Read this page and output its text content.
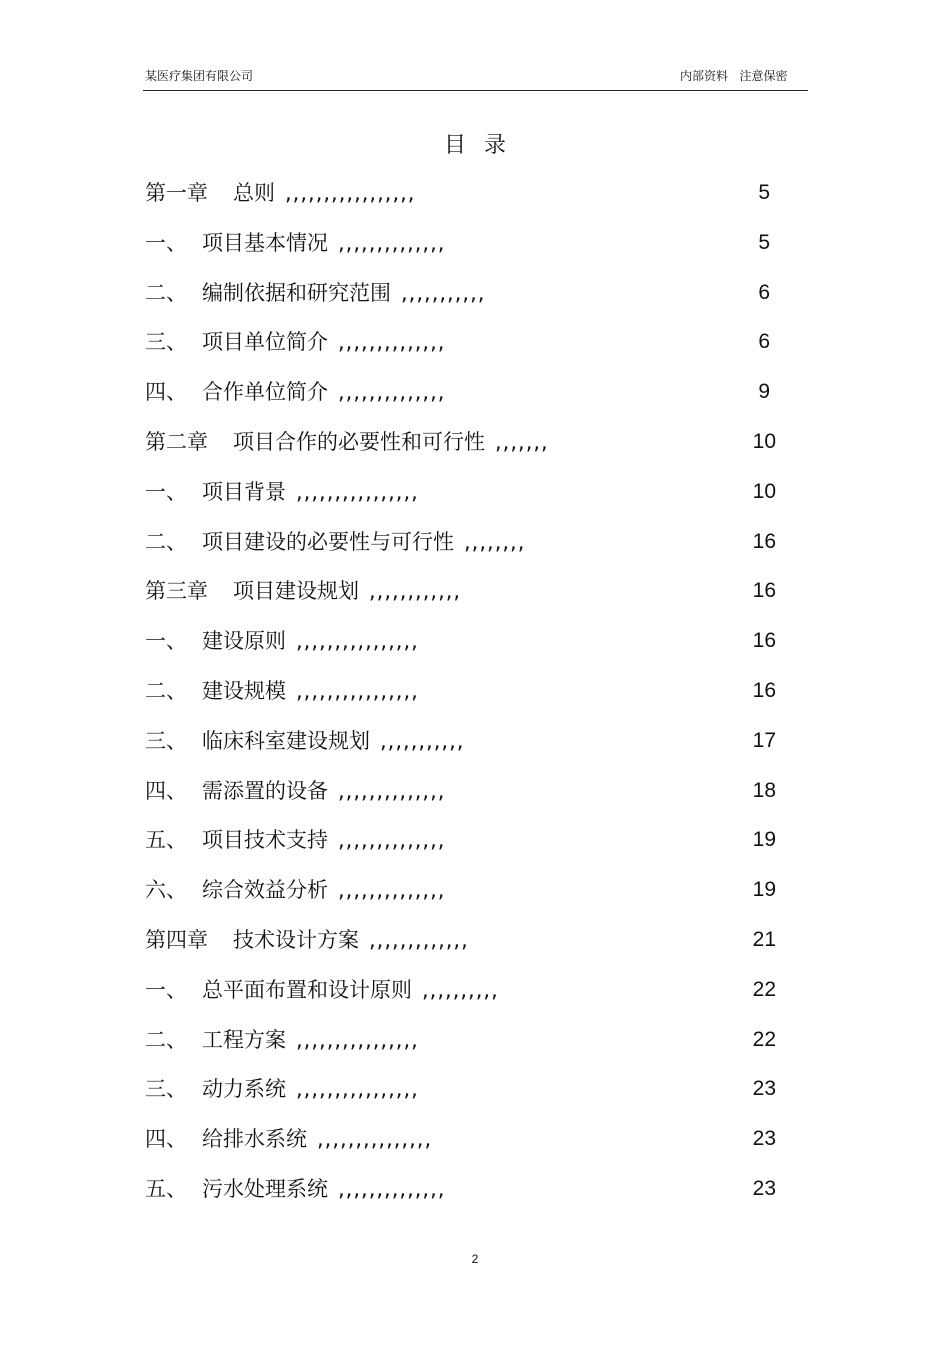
某医疗集团有限公司	内部资料   注意保密
目录
第一章 总则 ,,,,,,,,,,,,,,,,,	5
一、 项目基本情况 ,,,,,,,,,,,,,,	5
二、 编制依据和研究范围 ,,,,,,,,,,,	6
三、 项目单位简介 ,,,,,,,,,,,,,,	6
四、 合作单位简介 ,,,,,,,,,,,,,,	9
第二章 项目合作的必要性和可行性 ,,,,,,,	10
一、 项目背景 ,,,,,,,,,,,,,,,,	10
二、 项目建设的必要性与可行性 ,,,,,,,,	16
第三章 项目建设规划 ,,,,,,,,,,,,	16
一、 建设原则 ,,,,,,,,,,,,,,,,	16
二、 建设规模 ,,,,,,,,,,,,,,,,	16
三、 临床科室建设规划 ,,,,,,,,,,,	17
四、 需添置的设备 ,,,,,,,,,,,,,,	18
五、 项目技术支持 ,,,,,,,,,,,,,,	19
六、 综合效益分析 ,,,,,,,,,,,,,,	19
第四章 技术设计方案 ,,,,,,,,,,,,,	21
一、 总平面布置和设计原则 ,,,,,,,,,,	22
二、 工程方案 ,,,,,,,,,,,,,,,,	22
三、 动力系统 ,,,,,,,,,,,,,,,,	23
四、 给排水系统 ,,,,,,,,,,,,,,,	23
五、 污水处理系统 ,,,,,,,,,,,,,,	23
2
